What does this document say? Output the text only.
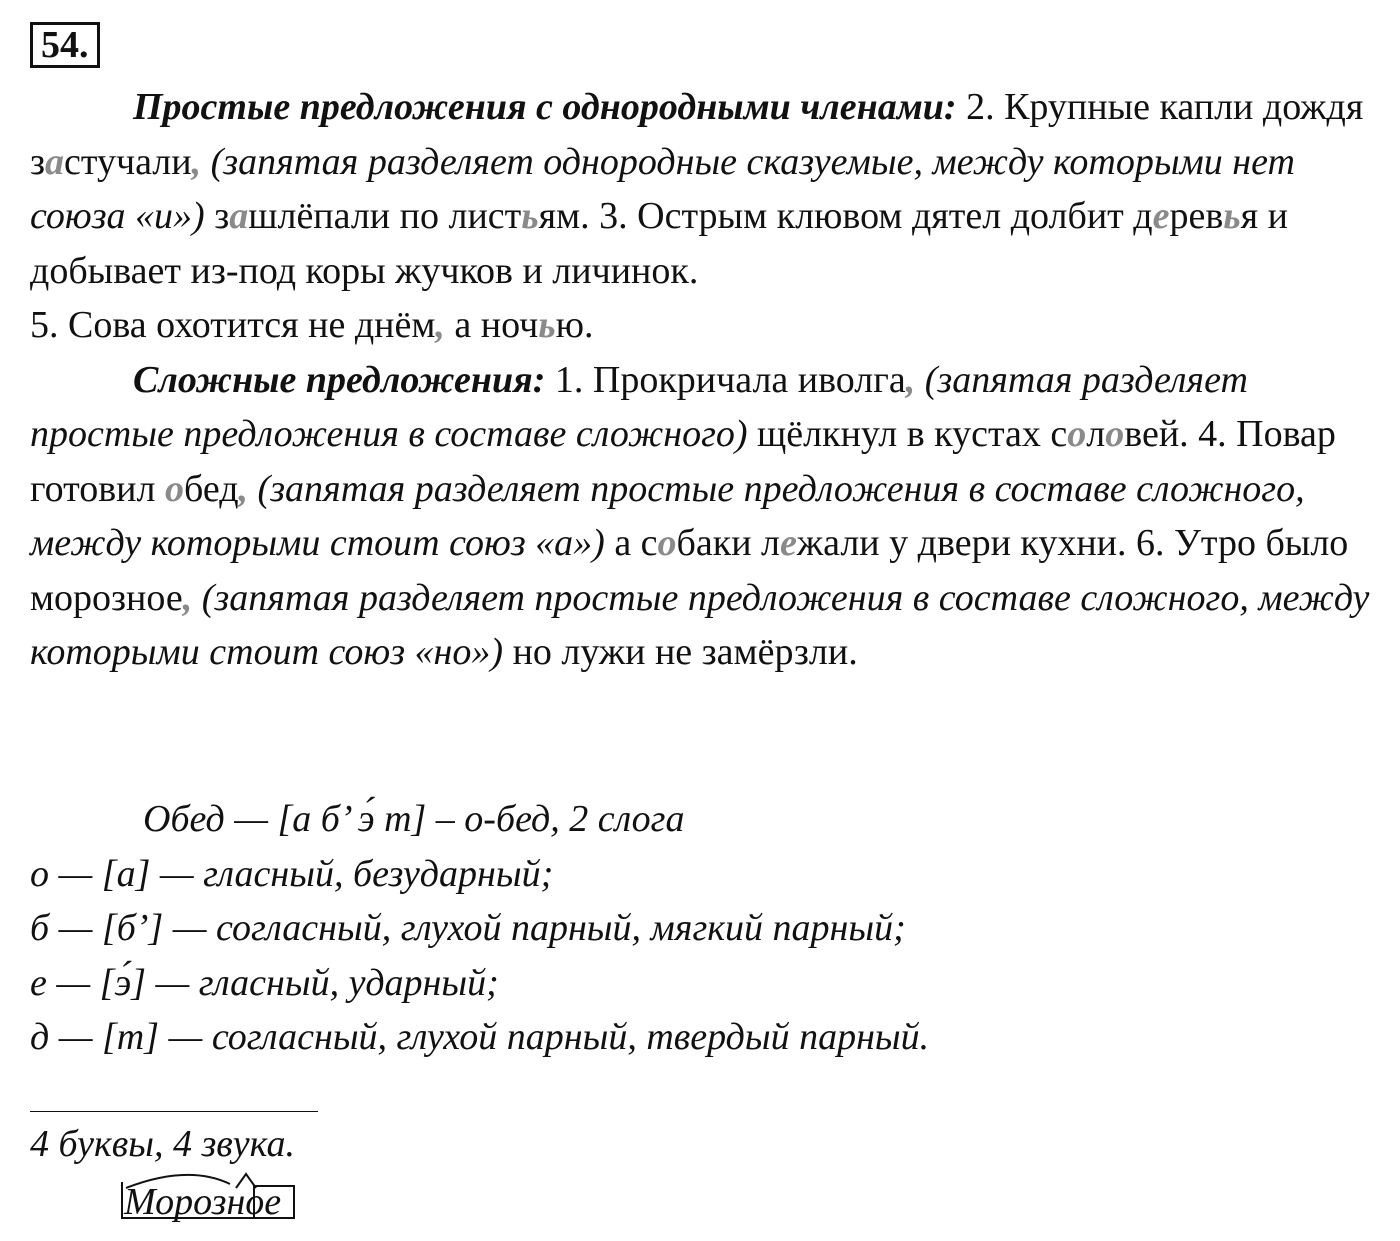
54.

Простые предложения с однородными членами: 2. Крупные капли дождя застучали, (запятая разделяет однородные сказуемые, между которыми нет союза «и») зашлёпали по листьям. 3. Острым клювом дятел долбит деревья и добывает из-под коры жучков и личинок.

5. Сова охотится не днём, а ночью.

Сложные предложения: 1. Прокричала иволга, (запятая разделяет простые предложения в составе сложного) щёлкнул в кустах соловей. 4. Повар готовил обед, (запятая разделяет простые предложения в составе сложного, между которыми стоит союз «а») а собаки лежали у двери кухни. 6. Утро было морозное, (запятая разделяет простые предложения в составе сложного, между которыми стоит союз «но») но лужи не замёрзли.

Обед — [а б’ э́ т] – о-бед, 2 слога
о — [а] — гласный, безударный;
б — [б’] — согласный, глухой парный, мягкий парный;
е — [э́] — гласный, ударный;
д — [т] — согласный, глухой парный, твердый парный.
4 буквы, 4 звука.
Морозное
